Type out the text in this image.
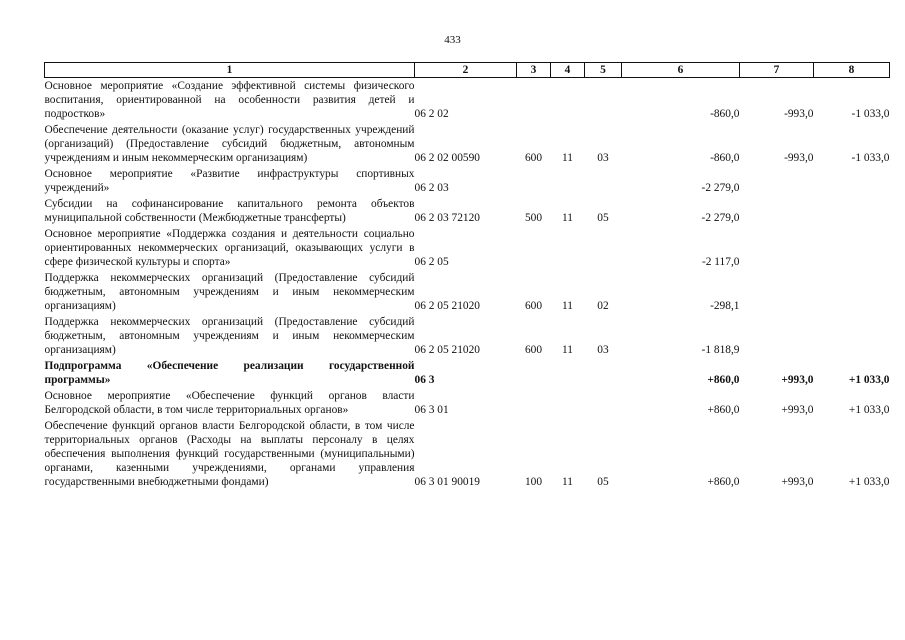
433
1	2	3	4	5	6	7	8
Основное мероприятие «Создание эффективной системы физического воспитания, ориентированной на особенности развития детей и подростков»	06 2 02				-860,0	-993,0	-1 033,0
Обеспечение деятельности (оказание услуг) государственных учреждений (организаций) (Предоставление субсидий бюджетным, автономным учреждениям и иным некоммерческим организациям)	06 2 02 00590	600	11	03	-860,0	-993,0	-1 033,0
Основное мероприятие «Развитие инфраструктуры спортивных учреждений»	06 2 03				-2 279,0		
Субсидии на софинансирование капитального ремонта объектов муниципальной собственности (Межбюджетные трансферты)	06 2 03 72120	500	11	05	-2 279,0		
Основное мероприятие «Поддержка создания и деятельности социально ориентированных некоммерческих организаций, оказывающих услуги в сфере физической культуры и спорта»	06 2 05				-2 117,0		
Поддержка некоммерческих организаций (Предоставление субсидий бюджетным, автономным учреждениям и иным некоммерческим организациям)	06 2 05 21020	600	11	02	-298,1		
Поддержка некоммерческих организаций (Предоставление субсидий бюджетным, автономным учреждениям и иным некоммерческим организациям)	06 2 05 21020	600	11	03	-1 818,9		
Подпрограмма «Обеспечение реализации государственной программы»	06 3				+860,0	+993,0	+1 033,0
Основное мероприятие «Обеспечение функций органов власти Белгородской области, в том числе территориальных органов»	06 3 01				+860,0	+993,0	+1 033,0
Обеспечение функций органов власти Белгородской области, в том числе территориальных органов (Расходы на выплаты персоналу в целях обеспечения выполнения функций государственными (муниципальными) органами, казенными учреждениями, органами управления государственными внебюджетными фондами)	06 3 01 90019	100	11	05	+860,0	+993,0	+1 033,0
